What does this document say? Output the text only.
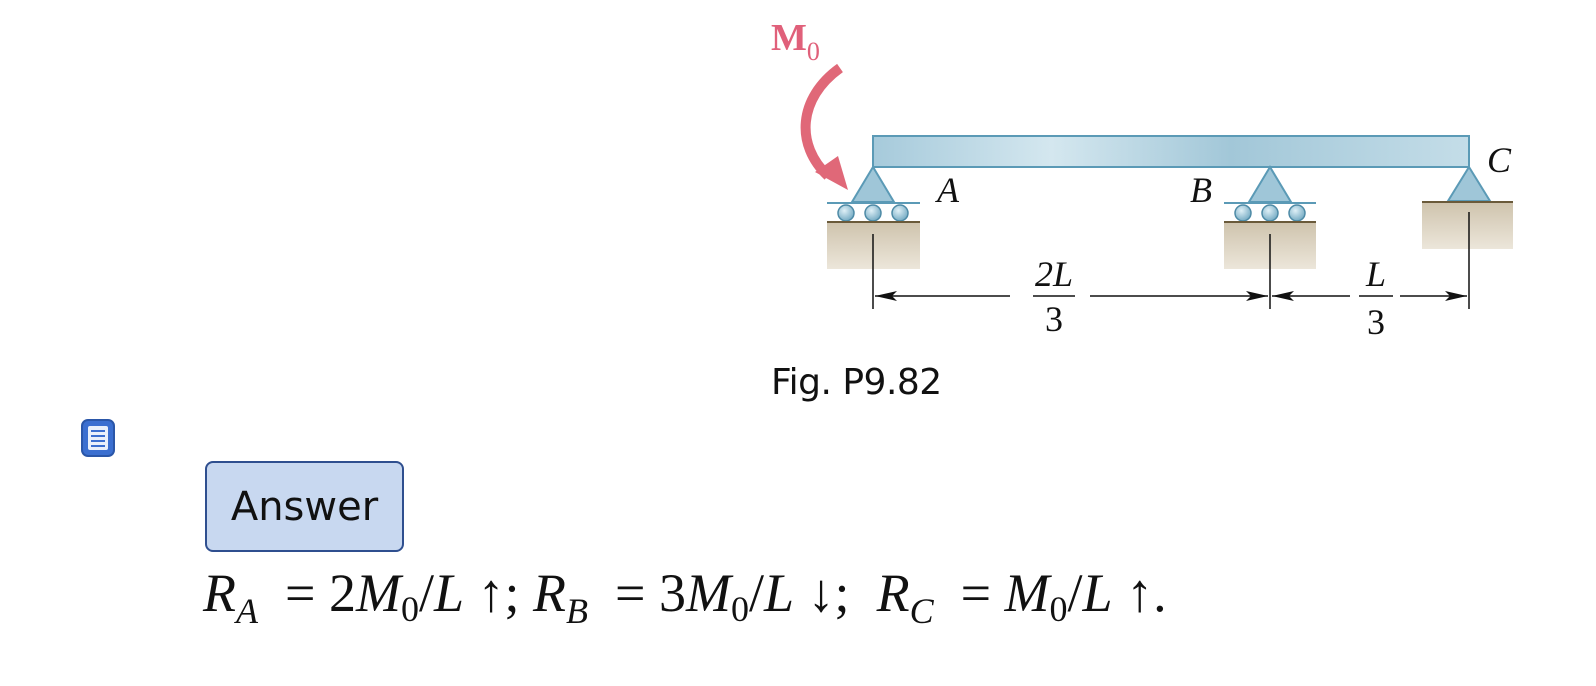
$M_0$
A	B
C
2L
3
L
3
Fig. P9.82
Answer
$R_A = 2M0/L$ ↑; $R_B = 3M0/L$ ↓;  $R_C = M0/L$ ↑.
